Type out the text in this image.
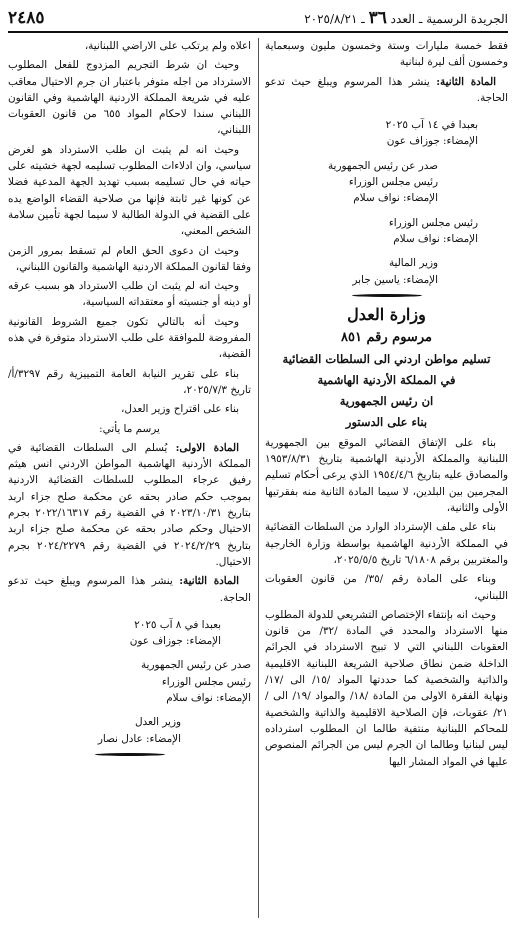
الجريدة الرسمية ـ العدد ٣٦ ـ ٢٠٢٥/٨/٢١
٢٤٨٥

فقط خمسة مليارات وستة وخمسون مليون وسبعماية وخمسون ألف ليرة لبنانية

المادة الثانية: ينشر هذا المرسوم ويبلغ حيث تدعو الحاجة.

بعبدا في ١٤ آب ٢٠٢٥

الإمضاء: جوزاف عون

صدر عن رئيس الجمهورية

رئيس مجلس الوزراء

الإمضاء: نواف سلام

رئيس مجلس الوزراء

الإمضاء: نواف سلام

وزير المالية

الإمضاء: ياسين جابر

وزارة العدل
مرسوم رقم ٨٥١
تسليم مواطن اردني الى السلطات القضائية
في المملكة الأردنية الهاشمية
ان رئيس الجمهورية
بناء على الدستور

بناء على الإتفاق القضائي الموقع بين الجمهورية اللبنانية والمملكة الأردنية الهاشمية بتاريخ ١٩٥٣/٨/٣١ والمصادق عليه بتاريخ ١٩٥٤/٤/٦ الذي يرعى أحكام تسليم المجرمين بين البلدين، لا سيما المادة الثانية منه بفقرتيها الأولى والثانية،

بناء على ملف الإسترداد الوارد من السلطات القضائية في المملكة الأردنية الهاشمية بواسطة وزارة الخارجية والمغتربين برقم ٦/١٨٠٨ تاريخ ٢٠٢٥/٥/٥،

وبناء على المادة رقم /٣٥/ من قانون العقوبات اللبناني،

وحيث انه بإنتفاء الإختصاص التشريعي للدولة المطلوب منها الاسترداد والمحدد في المادة /٣٢/ من قانون العقوبات اللبناني التي لا تبيح الاسترداد في الجرائم الداخلة ضمن نطاق صلاحية الشريعة اللبنانية الاقليمية والذاتية والشخصية كما حددتها المواد /١٥/ الى /١٧/ ونهاية الفقرة الاولى من المادة /١٨/ والمواد /١٩/ الى /٢١/ عقوبات، فإن الصلاحية الاقليمية والذاتية والشخصية للمحاكم اللبنانية منتفية طالما ان المطلوب استرداده ليس لبنانيا وطالما ان الجرم ليس من الجرائم المنصوص عليها في المواد المشار اليها

اعلاه ولم يرتكب على الاراضي اللبنانية،

وحيث ان شرط التجريم المزدوج للفعل المطلوب الاسترداد من اجله متوفر باعتبار ان جرم الاحتيال معاقب عليه في شريعة المملكة الاردنية الهاشمية وفي القانون اللبناني سندا لاحكام المواد ٦٥٥ من قانون العقوبات اللبناني،

وحيث انه لم يثبت ان طلب الاسترداد هو لغرض سياسي، وان ادلاءات المطلوب تسليمه لجهة خشيته على حياته في حال تسليمه بسبب تهديد الجهة المدعية فضلا عن كونها غير ثابتة فإنها من صلاحية القضاء الواضع يده على القضية في الدولة الطالبة لا سيما لجهة تأمين سلامة الشخص المعني،

وحيث ان دعوى الحق العام لم تسقط بمرور الزمن وفقا لقانون المملكة الاردنية الهاشمية والقانون اللبناني،

وحيث انه لم يثبت ان طلب الاسترداد هو بسبب عرقه أو دينه أو جنسيته أو معتقداته السياسية،

وحيث أنه بالتالي تكون جميع الشروط القانونية المفروضة للموافقة على طلب الاسترداد متوفرة في هذه القضية،

بناء على تقرير النيابة العامة التمييزية رقم ٣٢٩٧/أ/ تاريخ ٢٠٢٥/٧/٣،

بناء على اقتراح وزير العدل،

يرسم ما يأتي:

المادة الاولى: يُسلم الى السلطات القضائية في المملكة الأردنية الهاشمية المواطن الاردني انس هيثم رفيق عرجاء المطلوب للسلطات القضائية الاردنية بموجب حكم صادر بحقه عن محكمة صلح جزاء اربد بتاريخ ٢٠٢٣/١٠/٣١ في القضية رقم ٢٠٢٢/١٦٣١٧ بجرم الاحتيال وحكم صادر بحقه عن محكمة صلح جزاء اربد بتاريخ ٢٠٢٤/٢/٢٩ في القضية رقم ٢٠٢٤/٢٢٧٩ بجرم الاحتيال.

المادة الثانية: ينشر هذا المرسوم ويبلغ حيث تدعو الحاجة.

بعبدا في ٨ آب ٢٠٢٥

الإمضاء: جوزاف عون

صدر عن رئيس الجمهورية

رئيس مجلس الوزراء

الإمضاء: نواف سلام

وزير العدل

الإمضاء: عادل نصار
